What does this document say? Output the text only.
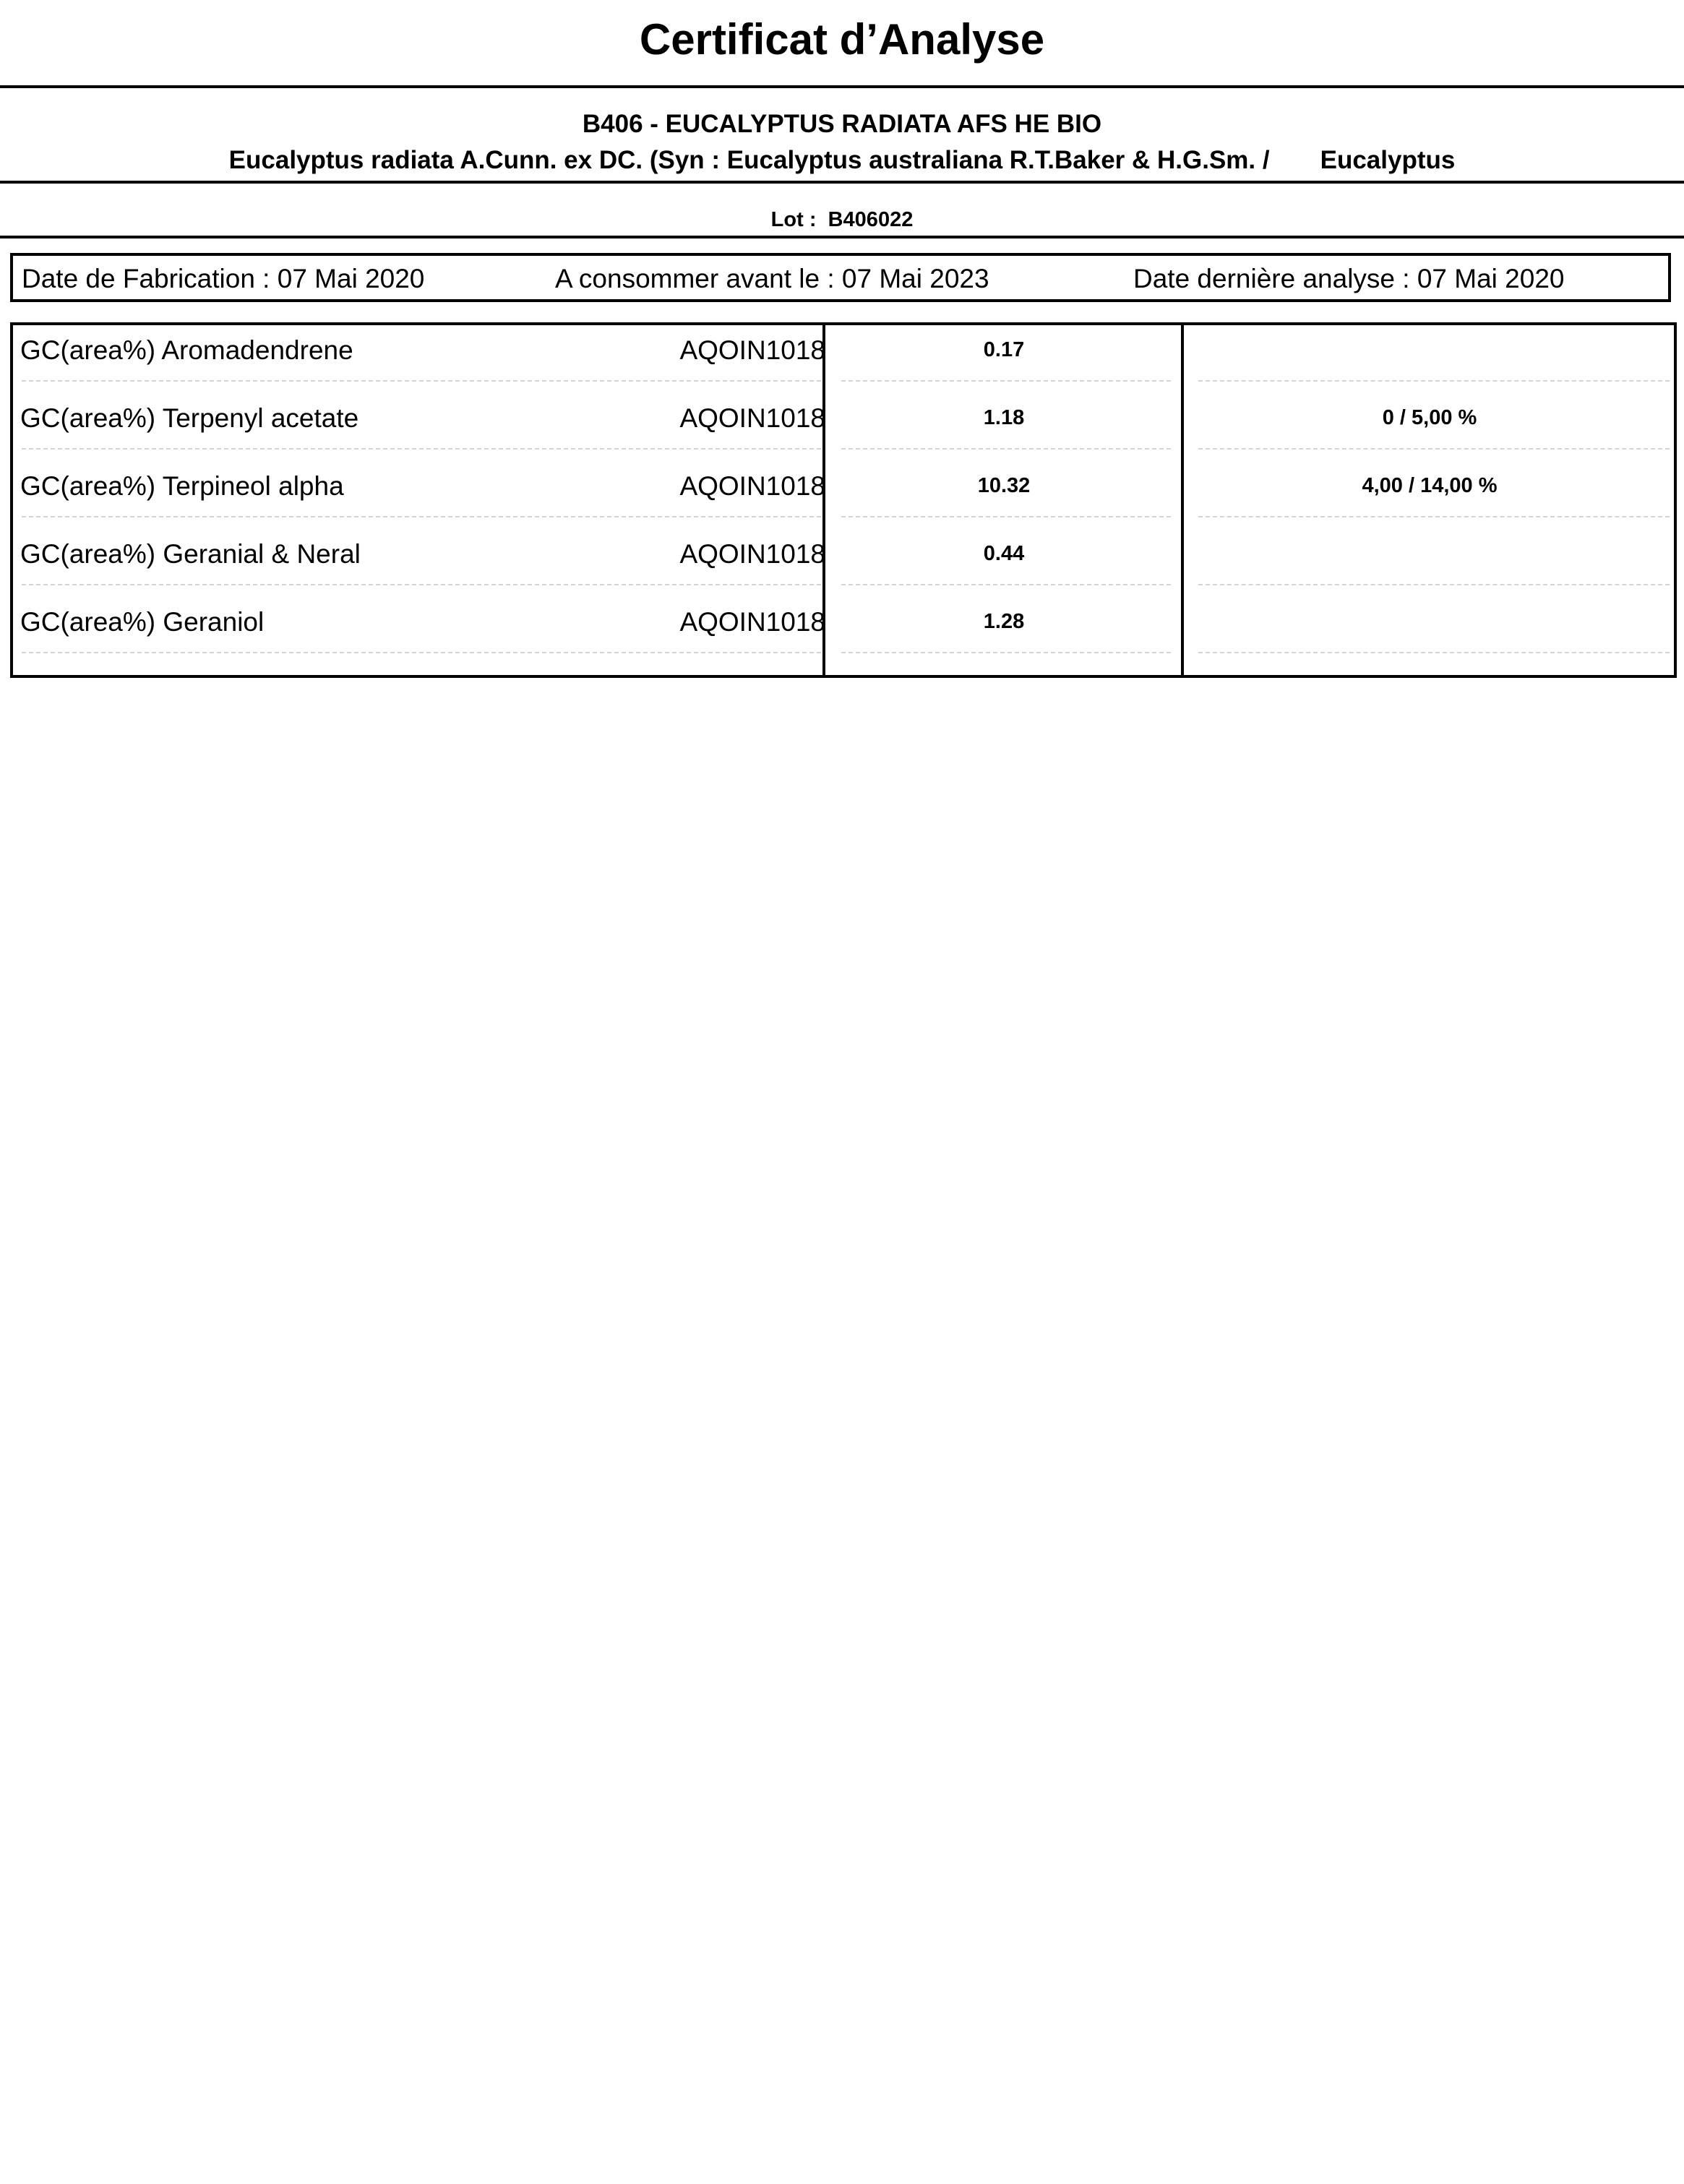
Certificat d’Analyse
B406 - EUCALYPTUS RADIATA AFS HE BIO
Eucalyptus radiata A.Cunn. ex DC. (Syn : Eucalyptus australiana R.T.Baker & H.G.Sm. / Eucalyptus
Lot : B406022
Date de Fabrication : 07 Mai 2020	A consommer avant le : 07 Mai 2023	Date dernière analyse : 07 Mai 2020
GC(area%) Aromadendrene	AQOIN1018	0.17
GC(area%) Terpenyl acetate	AQOIN1018	1.18	0 / 5,00 %
GC(area%) Terpineol alpha	AQOIN1018	10.32	4,00 / 14,00 %
GC(area%) Geranial & Neral	AQOIN1018	0.44
GC(area%) Geraniol	AQOIN1018	1.28
